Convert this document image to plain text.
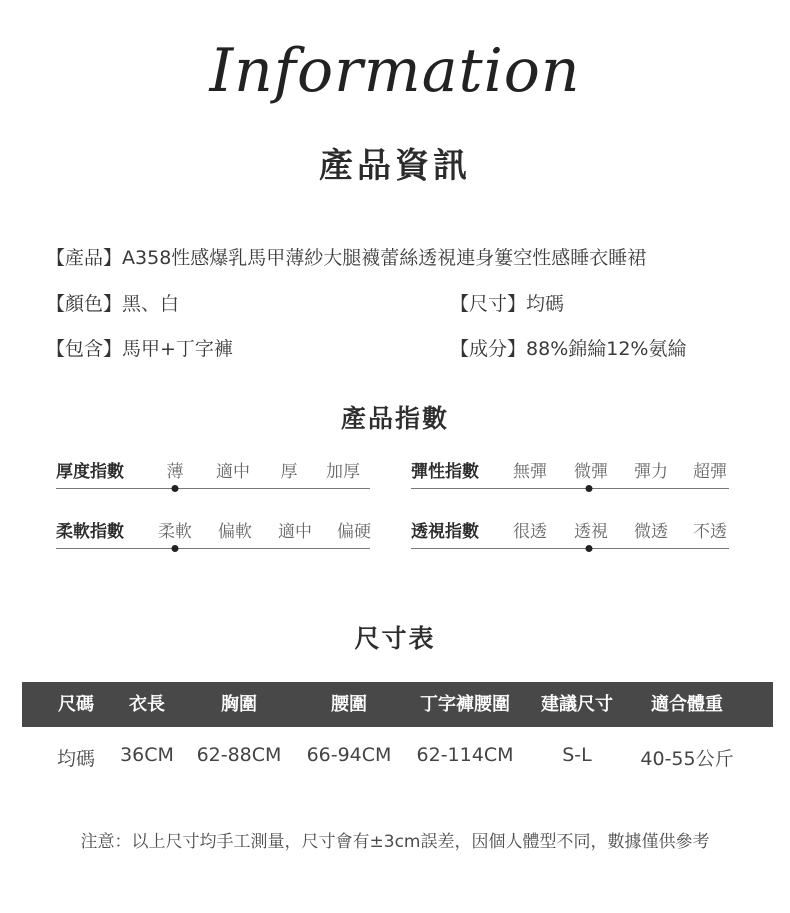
Information
產品資訊
【產品】A358性感爆乳馬甲薄紗大腿襪蕾絲透視連身簍空性感睡衣睡裙
【顏色】黑、白	【尺寸】均碼
【包含】馬甲+丁字褲	【成分】88%錦綸12%氨綸
產品指數
厚度指數	薄 適中 厚 加厚	彈性指數 無彈 微彈 彈力 超彈
柔軟指數 柔軟 偏軟 適中 偏硬 透視指數 很透 透視 微透 不透
尺寸表
尺碼 衣長	胸圍	腰圍	丁字褲腰圍 建議尺寸 適合體重
均碼 36CM 62-88CM 66-94CM 62-114CM	S-L	40-55公斤
注意：以上尺寸均手工測量，尺寸會有±3cm誤差，因個人體型不同，數據僅供參考
